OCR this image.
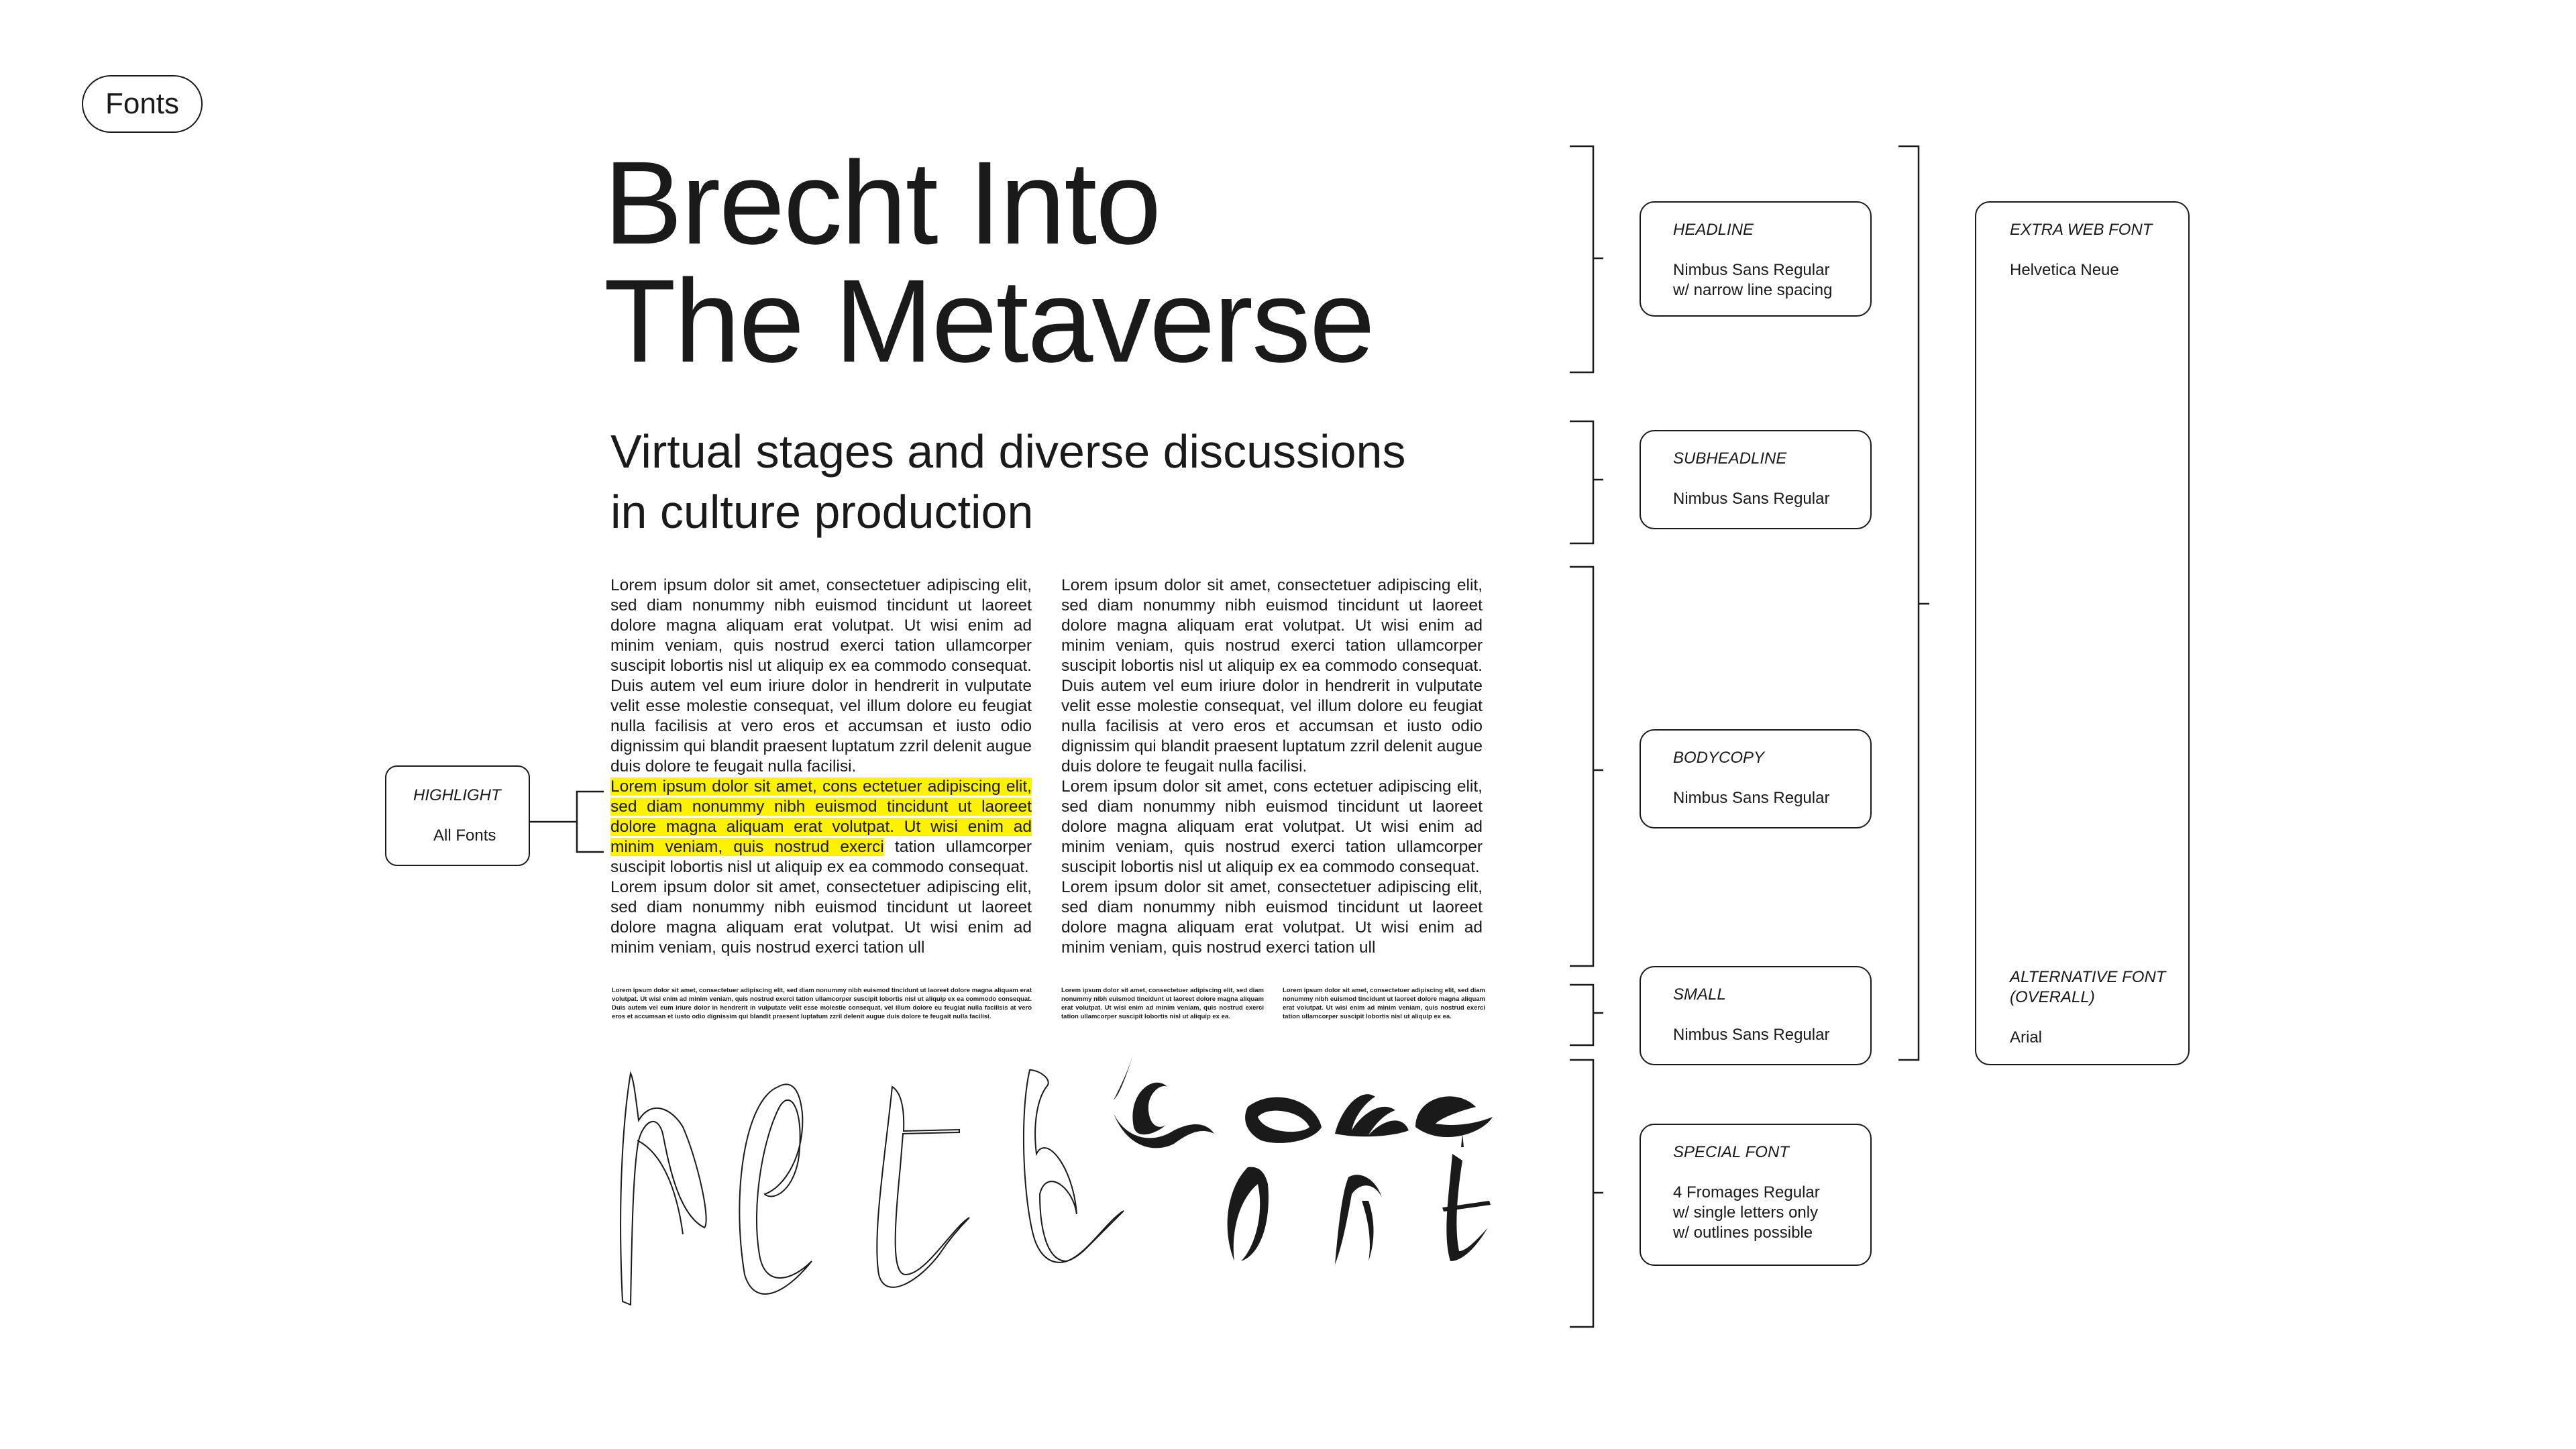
Fonts
Brecht Into
The Metaverse
Virtual stages and diverse discussions
in culture production

Lorem ipsum dolor sit amet, consectetuer adipiscing elit, sed diam nonummy nibh euismod tincidunt ut laoreet dolore magna aliquam erat volutpat. Ut wisi enim ad minim veniam, quis nostrud exerci tation ullamcorper suscipit lobortis nisl ut aliquip ex ea commodo consequat. Duis autem vel eum iriure dolor in hendrerit in vulputate velit esse molestie consequat, vel illum dolore eu feugiat nulla facilisis at vero eros et accumsan et iusto odio dignissim qui blandit praesent luptatum zzril delenit augue duis dolore te feugait nulla facilisi.

Lorem ipsum dolor sit amet, cons ectetuer adipiscing elit, sed diam nonummy nibh euismod tincidunt ut laoreet dolore magna aliquam erat volutpat. Ut wisi enim ad minim veniam, quis nostrud exerci tation ullamcorper suscipit lobortis nisl ut aliquip ex ea commodo consequat.

Lorem ipsum dolor sit amet, consectetuer adipiscing elit, sed diam nonummy nibh euismod tincidunt ut laoreet dolore magna aliquam erat volutpat. Ut wisi enim ad minim veniam, quis nostrud exerci tation ull

Lorem ipsum dolor sit amet, consectetuer adipiscing elit, sed diam nonummy nibh euismod tincidunt ut laoreet dolore magna aliquam erat volutpat. Ut wisi enim ad minim veniam, quis nostrud exerci tation ullamcorper suscipit lobortis nisl ut aliquip ex ea commodo consequat. Duis autem vel eum iriure dolor in hendrerit in vulputate velit esse molestie consequat, vel illum dolore eu feugiat nulla facilisis at vero eros et accumsan et iusto odio dignissim qui blandit praesent luptatum zzril delenit augue duis dolore te feugait nulla facilisi.

Lorem ipsum dolor sit amet, cons ectetuer adipiscing elit, sed diam nonummy nibh euismod tincidunt ut laoreet dolore magna aliquam erat volutpat. Ut wisi enim ad minim veniam, quis nostrud exerci tation ullamcorper suscipit lobortis nisl ut aliquip ex ea commodo consequat.

Lorem ipsum dolor sit amet, consectetuer adipiscing elit, sed diam nonummy nibh euismod tincidunt ut laoreet dolore magna aliquam erat volutpat. Ut wisi enim ad minim veniam, quis nostrud exerci tation ull

Lorem ipsum dolor sit amet, consectetuer adipiscing elit, sed diam nonummy nibh euismod tincidunt ut laoreet dolore magna aliquam erat volutpat. Ut wisi enim ad minim veniam, quis nostrud exerci tation ullamcorper suscipit lobortis nisl ut aliquip ex ea commodo consequat. Duis autem vel eum iriure dolor in hendrerit in vulputate velit esse molestie consequat, vel illum dolore eu feugiat nulla facilisis at vero eros et accumsan et iusto odio dignissim qui blandit praesent luptatum zzril delenit augue duis dolore te feugait nulla facilisi.
Lorem ipsum dolor sit amet, consectetuer adipiscing elit, sed diam nonummy nibh euismod tincidunt ut laoreet dolore magna aliquam erat volutpat. Ut wisi enim ad minim veniam, quis nostrud exerci tation ullamcorper suscipit lobortis nisl ut aliquip ex ea.
Lorem ipsum dolor sit amet, consectetuer adipiscing elit, sed diam nonummy nibh euismod tincidunt ut laoreet dolore magna aliquam erat volutpat. Ut wisi enim ad minim veniam, quis nostrud exerci tation ullamcorper suscipit lobortis nisl ut aliquip ex ea.
HIGHLIGHT
All Fonts
HEADLINE
Nimbus Sans Regular
w/ narrow line spacing
SUBHEADLINE
Nimbus Sans Regular
BODYCOPY
Nimbus Sans Regular
SMALL
Nimbus Sans Regular
SPECIAL FONT
4 Fromages Regular
w/ single letters only
w/ outlines possible
EXTRA WEB FONT
Helvetica Neue
ALTERNATIVE FONT
(OVERALL)
Arial
